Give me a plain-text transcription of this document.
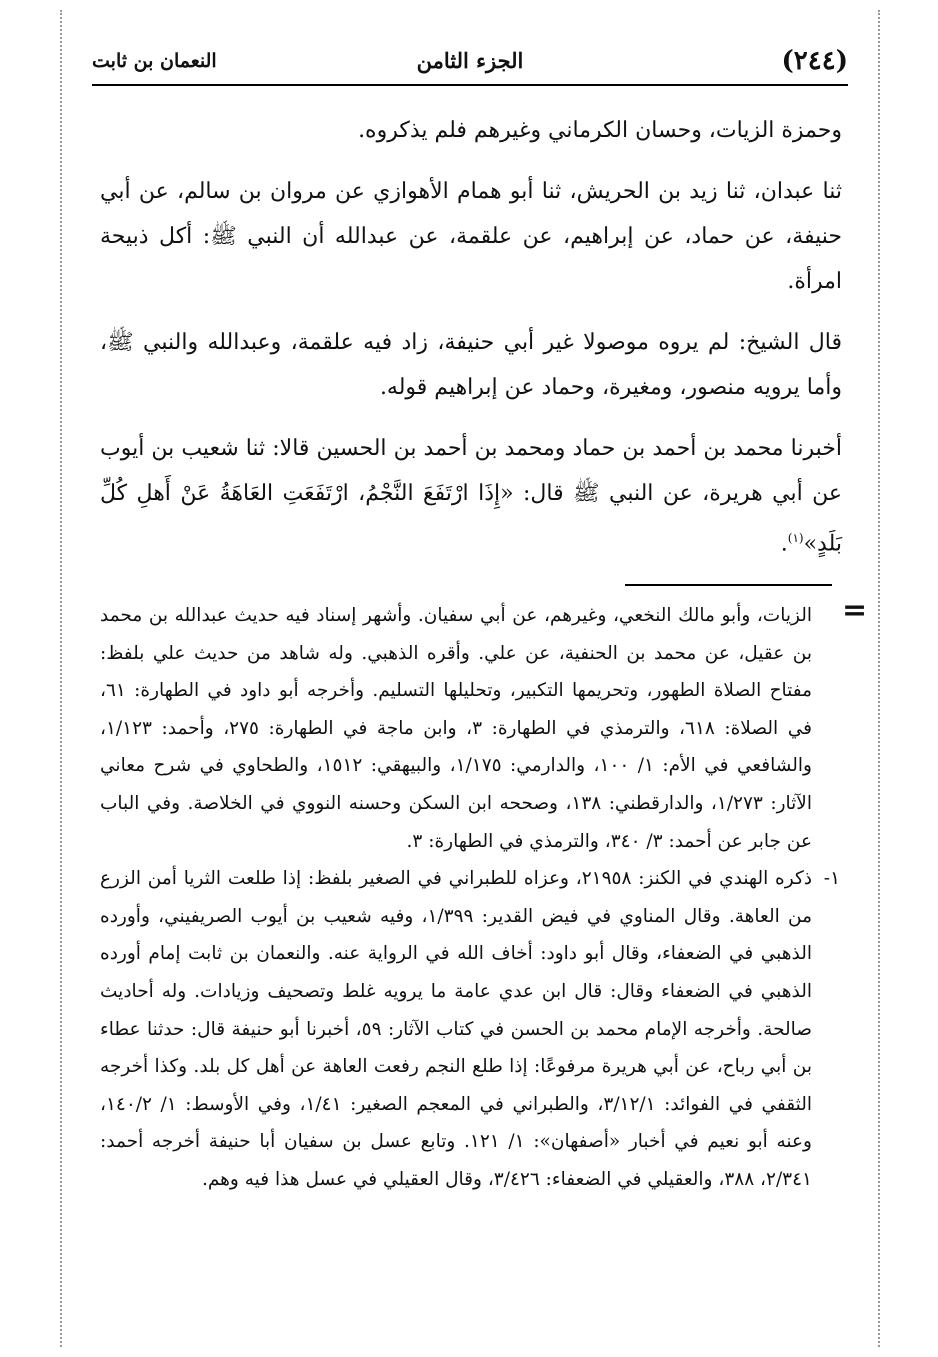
(٢٤٤)
الجزء الثامن
النعمان بن ثابت

وحمزة الزيات، وحسان الكرماني وغيرهم فلم يذكروه.

ثنا عبدان، ثنا زيد بن الحريش، ثنا أبو همام الأهوازي عن مروان بن سالم، عن أبي حنيفة، عن حماد، عن إبراهيم، عن علقمة، عن عبدالله أن النبي ﷺ: أكل ذبيحة امرأة.

قال الشيخ: لم يروه موصولا غير أبي حنيفة، زاد فيه علقمة، وعبدالله والنبي ﷺ، وأما يرويه منصور، ومغيرة، وحماد عن إبراهيم قوله.

أخبرنا محمد بن أحمد بن حماد ومحمد بن أحمد بن الحسين قالا: ثنا شعيب بن أيوب عن أبي هريرة، عن النبي ﷺ قال: «إِذَا ارْتَفَعَ النَّجْمُ، ارْتَفَعَتِ العَاهَةُ عَنْ أَهلِ كُلِّ بَلَدٍ»$^{(١)}$.

=

الزيات، وأبو مالك النخعي، وغيرهم، عن أبي سفيان. وأشهر إسناد فيه حديث عبدالله بن محمد بن عقيل، عن محمد بن الحنفية، عن علي. وأقره الذهبي. وله شاهد من حديث علي بلفظ: مفتاح الصلاة الطهور، وتحريمها التكبير، وتحليلها التسليم. وأخرجه أبو داود في الطهارة: ٦١، في الصلاة: ٦١٨، والترمذي في الطهارة: ٣، وابن ماجة في الطهارة: ٢٧٥، وأحمد: ١/١٢٣، والشافعي في الأم: ١/ ١٠٠، والدارمي: ١/١٧٥، والبيهقي: ١٥١٢، والطحاوي في شرح معاني الآثار: ١/٢٧٣، والدارقطني: ١٣٨، وصححه ابن السكن وحسنه النووي في الخلاصة. وفي الباب عن جابر عن أحمد: ٣/ ٣٤٠، والترمذي في الطهارة: ٣.

١-
ذكره الهندي في الكنز: ٢١٩٥٨، وعزاه للطبراني في الصغير بلفظ: إذا طلعت الثريا أمن الزرع من العاهة. وقال المناوي في فيض القدير: ١/٣٩٩، وفيه شعيب بن أيوب الصريفيني، وأورده الذهبي في الضعفاء، وقال أبو داود: أخاف الله في الرواية عنه. والنعمان بن ثابت إمام أورده الذهبي في الضعفاء وقال: قال ابن عدي عامة ما يرويه غلط وتصحيف وزيادات. وله أحاديث صالحة. وأخرجه الإمام محمد بن الحسن في كتاب الآثار: ٥٩، أخبرنا أبو حنيفة قال: حدثنا عطاء بن أبي رباح، عن أبي هريرة مرفوعًا: إذا طلع النجم رفعت العاهة عن أهل كل بلد. وكذا أخرجه الثقفي في الفوائد: ٣/١٢/١، والطبراني في المعجم الصغير: ١/٤١، وفي الأوسط: ١/ ١٤٠/٢، وعنه أبو نعيم في أخبار «أصفهان»: ١/ ١٢١. وتابع عسل بن سفيان أبا حنيفة أخرجه أحمد: ٢/٣٤١، ٣٨٨، والعقيلي في الضعفاء: ٣/٤٢٦، وقال العقيلي في عسل هذا فيه وهم.
